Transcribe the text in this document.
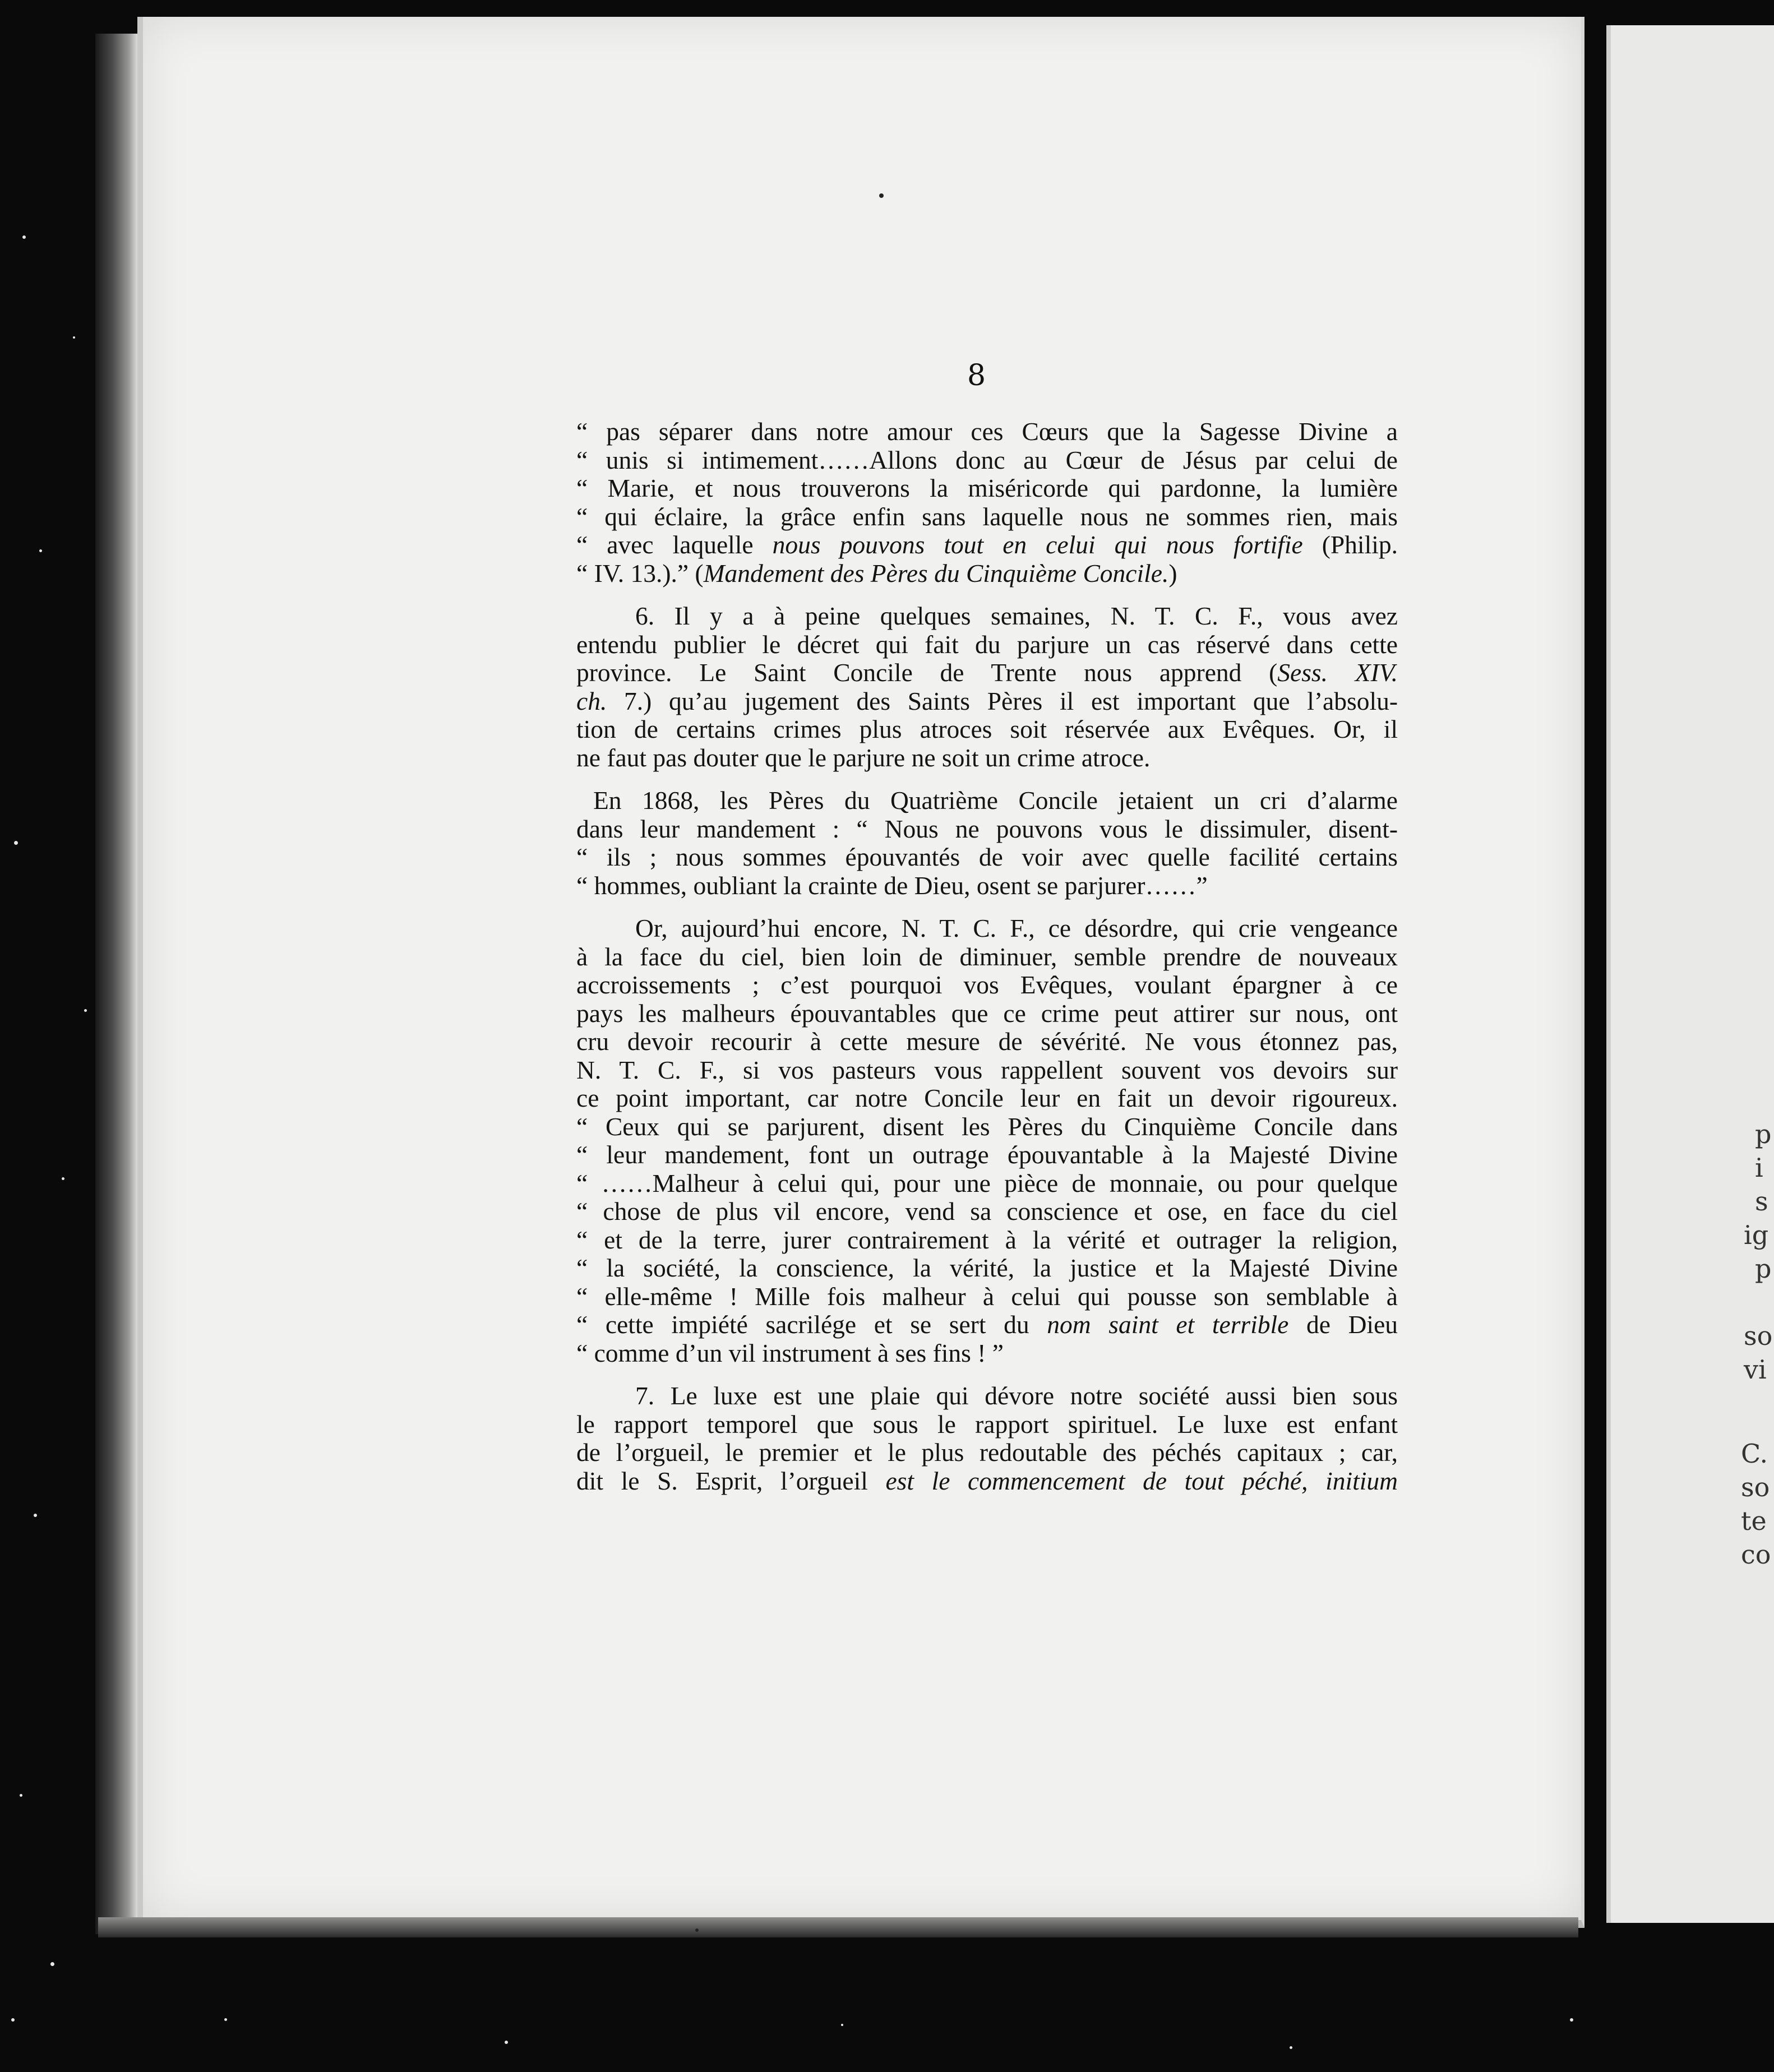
8
“ pas séparer dans notre amour ces Cœurs que la Sagesse Divine a
“ unis si intimement……Allons donc au Cœur de Jésus par celui de
“ Marie, et nous trouverons la miséricorde qui pardonne, la lumière
“ qui éclaire, la grâce enfin sans laquelle nous ne sommes rien, mais
“ avec laquelle nous pouvons tout en celui qui nous fortifie (Philip.
“ IV. 13.).” (Mandement des Pères du Cinquième Concile.)
6. Il y a à peine quelques semaines, N. T. C. F., vous avez
entendu publier le décret qui fait du parjure un cas réservé dans cette
province. Le Saint Concile de Trente nous apprend (Sess. XIV.
ch. 7.) qu’au jugement des Saints Pères il est important que l’absolu-
tion de certains crimes plus atroces soit réservée aux Evêques. Or, il
ne faut pas douter que le parjure ne soit un crime atroce.
En 1868, les Pères du Quatrième Concile jetaient un cri d’alarme
dans leur mandement : “ Nous ne pouvons vous le dissimuler, disent-
“ ils ; nous sommes épouvantés de voir avec quelle facilité certains
“ hommes, oubliant la crainte de Dieu, osent se parjurer……”
Or, aujourd’hui encore, N. T. C. F., ce désordre, qui crie vengeance
à la face du ciel, bien loin de diminuer, semble prendre de nouveaux
accroissements ; c’est pourquoi vos Evêques, voulant épargner à ce
pays les malheurs épouvantables que ce crime peut attirer sur nous, ont
cru devoir recourir à cette mesure de sévérité. Ne vous étonnez pas,
N. T. C. F., si vos pasteurs vous rappellent souvent vos devoirs sur
ce point important, car notre Concile leur en fait un devoir rigoureux.
“ Ceux qui se parjurent, disent les Pères du Cinquième Concile dans
“ leur mandement, font un outrage épouvantable à la Majesté Divine
“ ……Malheur à celui qui, pour une pièce de monnaie, ou pour quelque
“ chose de plus vil encore, vend sa conscience et ose, en face du ciel
“ et de la terre, jurer contrairement à la vérité et outrager la religion,
“ la société, la conscience, la vérité, la justice et la Majesté Divine
“ elle-même ! Mille fois malheur à celui qui pousse son semblable à
“ cette impiété sacrilége et se sert du nom saint et terrible de Dieu
“ comme d’un vil instrument à ses fins ! ”
7. Le luxe est une plaie qui dévore notre société aussi bien sous
le rapport temporel que sous le rapport spirituel. Le luxe est enfant
de l’orgueil, le premier et le plus redoutable des péchés capitaux ; car,
dit le S. Esprit, l’orgueil est le commencement de tout péché, initium
p
i
s
ig
p
so
vi
C.
so
te
co
